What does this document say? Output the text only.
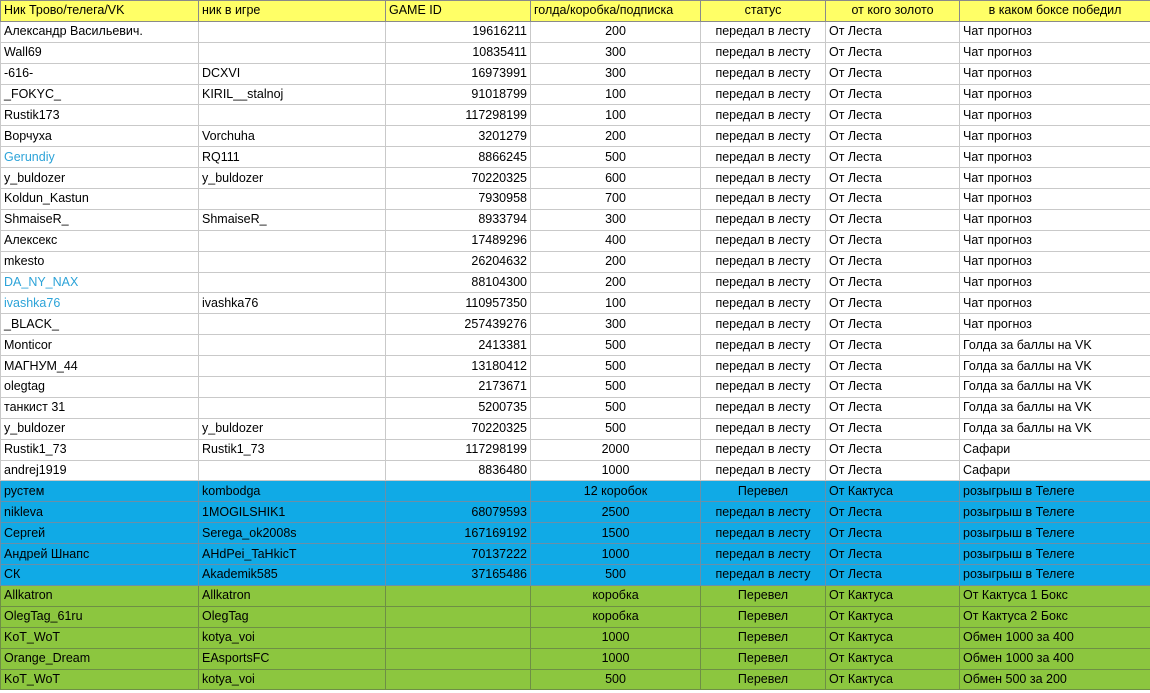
Ник Трово/телега/VK	ник в игре	GAME ID	голда/коробка/подписка	статус	от кого золото	в каком боксе победил
Александр Васильевич.		19616211	200	передал в лесту	От Леста	Чат прогноз
Wall69		10835411	300	передал в лесту	От Леста	Чат прогноз
-616-	DCXVI	16973991	300	передал в лесту	От Леста	Чат прогноз
_FOKYC_	KIRIL__stalnoj	91018799	100	передал в лесту	От Леста	Чат прогноз
Rustik173		117298199	100	передал в лесту	От Леста	Чат прогноз
Ворчуха	Vorchuha	3201279	200	передал в лесту	От Леста	Чат прогноз
Gerundiy	RQ111	8866245	500	передал в лесту	От Леста	Чат прогноз
y_buldozer	y_buldozer	70220325	600	передал в лесту	От Леста	Чат прогноз
Koldun_Kastun		7930958	700	передал в лесту	От Леста	Чат прогноз
ShmaiseR_	ShmaiseR_	8933794	300	передал в лесту	От Леста	Чат прогноз
Алексекс		17489296	400	передал в лесту	От Леста	Чат прогноз
mkesto		26204632	200	передал в лесту	От Леста	Чат прогноз
DA_NY_NAX		88104300	200	передал в лесту	От Леста	Чат прогноз
ivashka76	ivashka76	110957350	100	передал в лесту	От Леста	Чат прогноз
_BLACK_		257439276	300	передал в лесту	От Леста	Чат прогноз
Monticor		2413381	500	передал в лесту	От Леста	Голда за баллы на VK
МАГНУМ_44		13180412	500	передал в лесту	От Леста	Голда за баллы на VK
olegtag		2173671	500	передал в лесту	От Леста	Голда за баллы на VK
танкист 31		5200735	500	передал в лесту	От Леста	Голда за баллы на VK
y_buldozer	y_buldozer	70220325	500	передал в лесту	От Леста	Голда за баллы на VK
Rustik1_73	Rustik1_73	117298199	2000	передал в лесту	От Леста	Сафари
andrej1919		8836480	1000	передал в лесту	От Леста	Сафари
рустем	kombodga		12 коробок	Перевел	От Кактуса	розыгрыш в Телеге
nikleva	1MOGILSHIK1	68079593	2500	передал в лесту	От Леста	розыгрыш в Телеге
Сергей	Serega_ok2008s	167169192	1500	передал в лесту	От Леста	розыгрыш в Телеге
Андрей Шнапс	AHdPei_TaHkicT	70137222	1000	передал в лесту	От Леста	розыгрыш в Телеге
СК	Akademik585	37165486	500	передал в лесту	От Леста	розыгрыш в Телеге
Allkatron	Allkatron		коробка	Перевел	От Кактуса	От Кактуса 1 Бокс
OlegTag_61ru	OlegTag		коробка	Перевел	От Кактуса	От Кактуса 2 Бокс
KoT_WoT	kotya_voi		1000	Перевел	От Кактуса	Обмен 1000 за 400
Orange_Dream	EAsportsFC		1000	Перевел	От Кактуса	Обмен 1000 за 400
KoT_WoT	kotya_voi		500	Перевел	От Кактуса	Обмен 500 за 200
